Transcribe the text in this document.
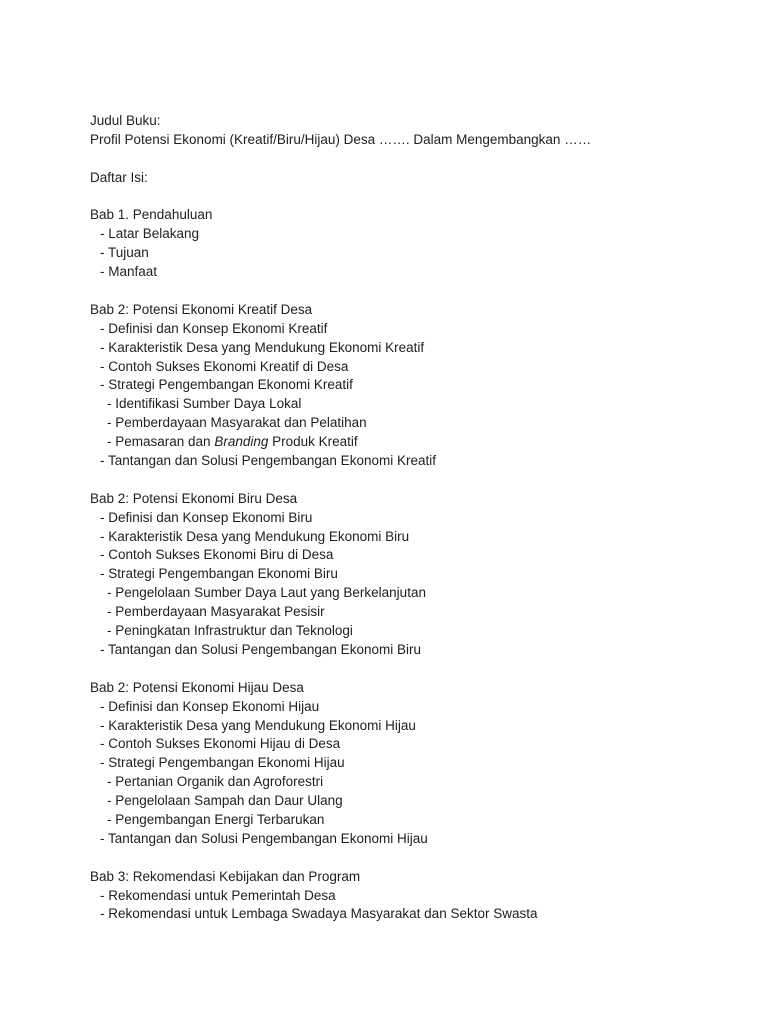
Judul Buku:
Profil Potensi Ekonomi (Kreatif/Biru/Hijau) Desa ……. Dalam Mengembangkan ……
Daftar Isi:
Bab 1. Pendahuluan
- Latar Belakang
- Tujuan
- Manfaat
Bab 2: Potensi Ekonomi Kreatif Desa
- Definisi dan Konsep Ekonomi Kreatif
- Karakteristik Desa yang Mendukung Ekonomi Kreatif
- Contoh Sukses Ekonomi Kreatif di Desa
- Strategi Pengembangan Ekonomi Kreatif
- Identifikasi Sumber Daya Lokal
- Pemberdayaan Masyarakat dan Pelatihan
- Pemasaran dan Branding Produk Kreatif
- Tantangan dan Solusi Pengembangan Ekonomi Kreatif
Bab 2: Potensi Ekonomi Biru Desa
- Definisi dan Konsep Ekonomi Biru
- Karakteristik Desa yang Mendukung Ekonomi Biru
- Contoh Sukses Ekonomi Biru di Desa
- Strategi Pengembangan Ekonomi Biru
- Pengelolaan Sumber Daya Laut yang Berkelanjutan
- Pemberdayaan Masyarakat Pesisir
- Peningkatan Infrastruktur dan Teknologi
- Tantangan dan Solusi Pengembangan Ekonomi Biru
Bab 2: Potensi Ekonomi Hijau Desa
- Definisi dan Konsep Ekonomi Hijau
- Karakteristik Desa yang Mendukung Ekonomi Hijau
- Contoh Sukses Ekonomi Hijau di Desa
- Strategi Pengembangan Ekonomi Hijau
- Pertanian Organik dan Agroforestri
- Pengelolaan Sampah dan Daur Ulang
- Pengembangan Energi Terbarukan
- Tantangan dan Solusi Pengembangan Ekonomi Hijau
Bab 3: Rekomendasi Kebijakan dan Program
- Rekomendasi untuk Pemerintah Desa
- Rekomendasi untuk Lembaga Swadaya Masyarakat dan Sektor Swasta
